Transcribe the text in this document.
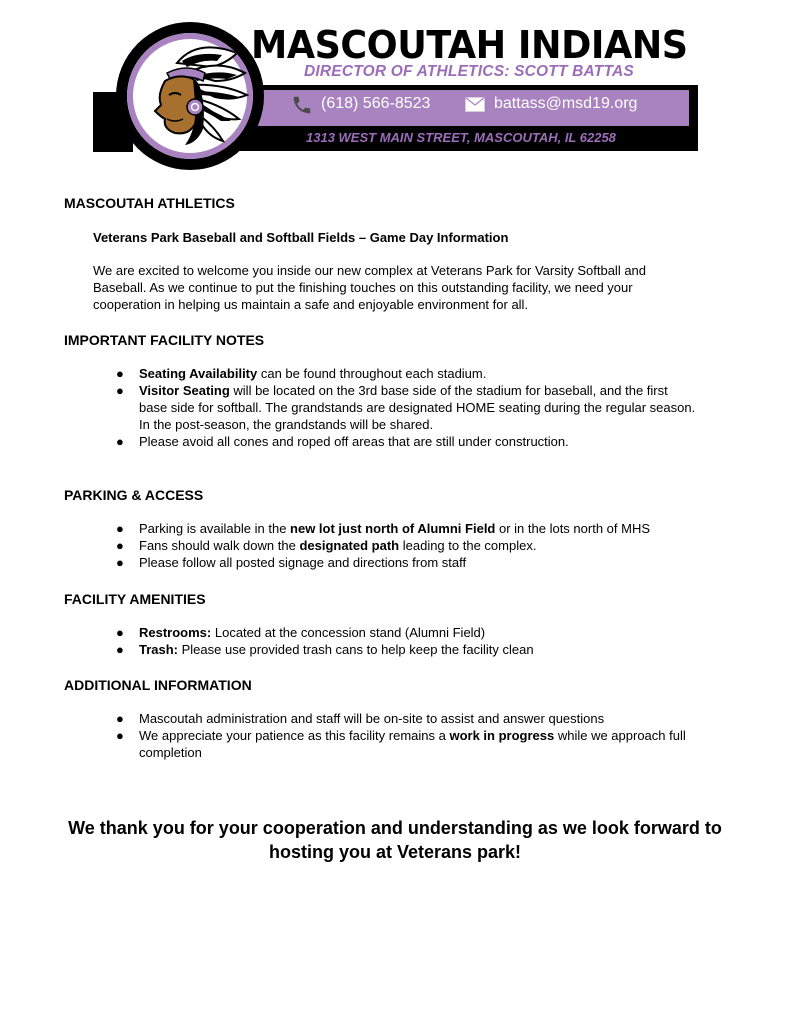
MASCOUTAH INDIANS
DIRECTOR OF ATHLETICS: SCOTT BATTAS
(618) 566-8523	battass@msd19.org
1313 WEST MAIN STREET, MASCOUTAH, IL 62258
MASCOUTAH ATHLETICS
Veterans Park Baseball and Softball Fields – Game Day Information
We are excited to welcome you inside our new complex at Veterans Park for Varsity Softball and Baseball. As we continue to put the finishing touches on this outstanding facility, we need your cooperation in helping us maintain a safe and enjoyable environment for all.
IMPORTANT FACILITY NOTES
● Seating Availability can be found throughout each stadium.
● Visitor Seating will be located on the 3rd base side of the stadium for baseball, and the first base side for softball. The grandstands are designated HOME seating during the regular season. In the post-season, the grandstands will be shared.
● Please avoid all cones and roped off areas that are still under construction.
PARKING & ACCESS
● Parking is available in the new lot just north of Alumni Field or in the lots north of MHS
● Fans should walk down the designated path leading to the complex.
● Please follow all posted signage and directions from staff
FACILITY AMENITIES
● Restrooms: Located at the concession stand (Alumni Field)
● Trash: Please use provided trash cans to help keep the facility clean
ADDITIONAL INFORMATION
● Mascoutah administration and staff will be on-site to assist and answer questions
● We appreciate your patience as this facility remains a work in progress while we approach full completion
We thank you for your cooperation and understanding as we look forward to hosting you at Veterans park!
